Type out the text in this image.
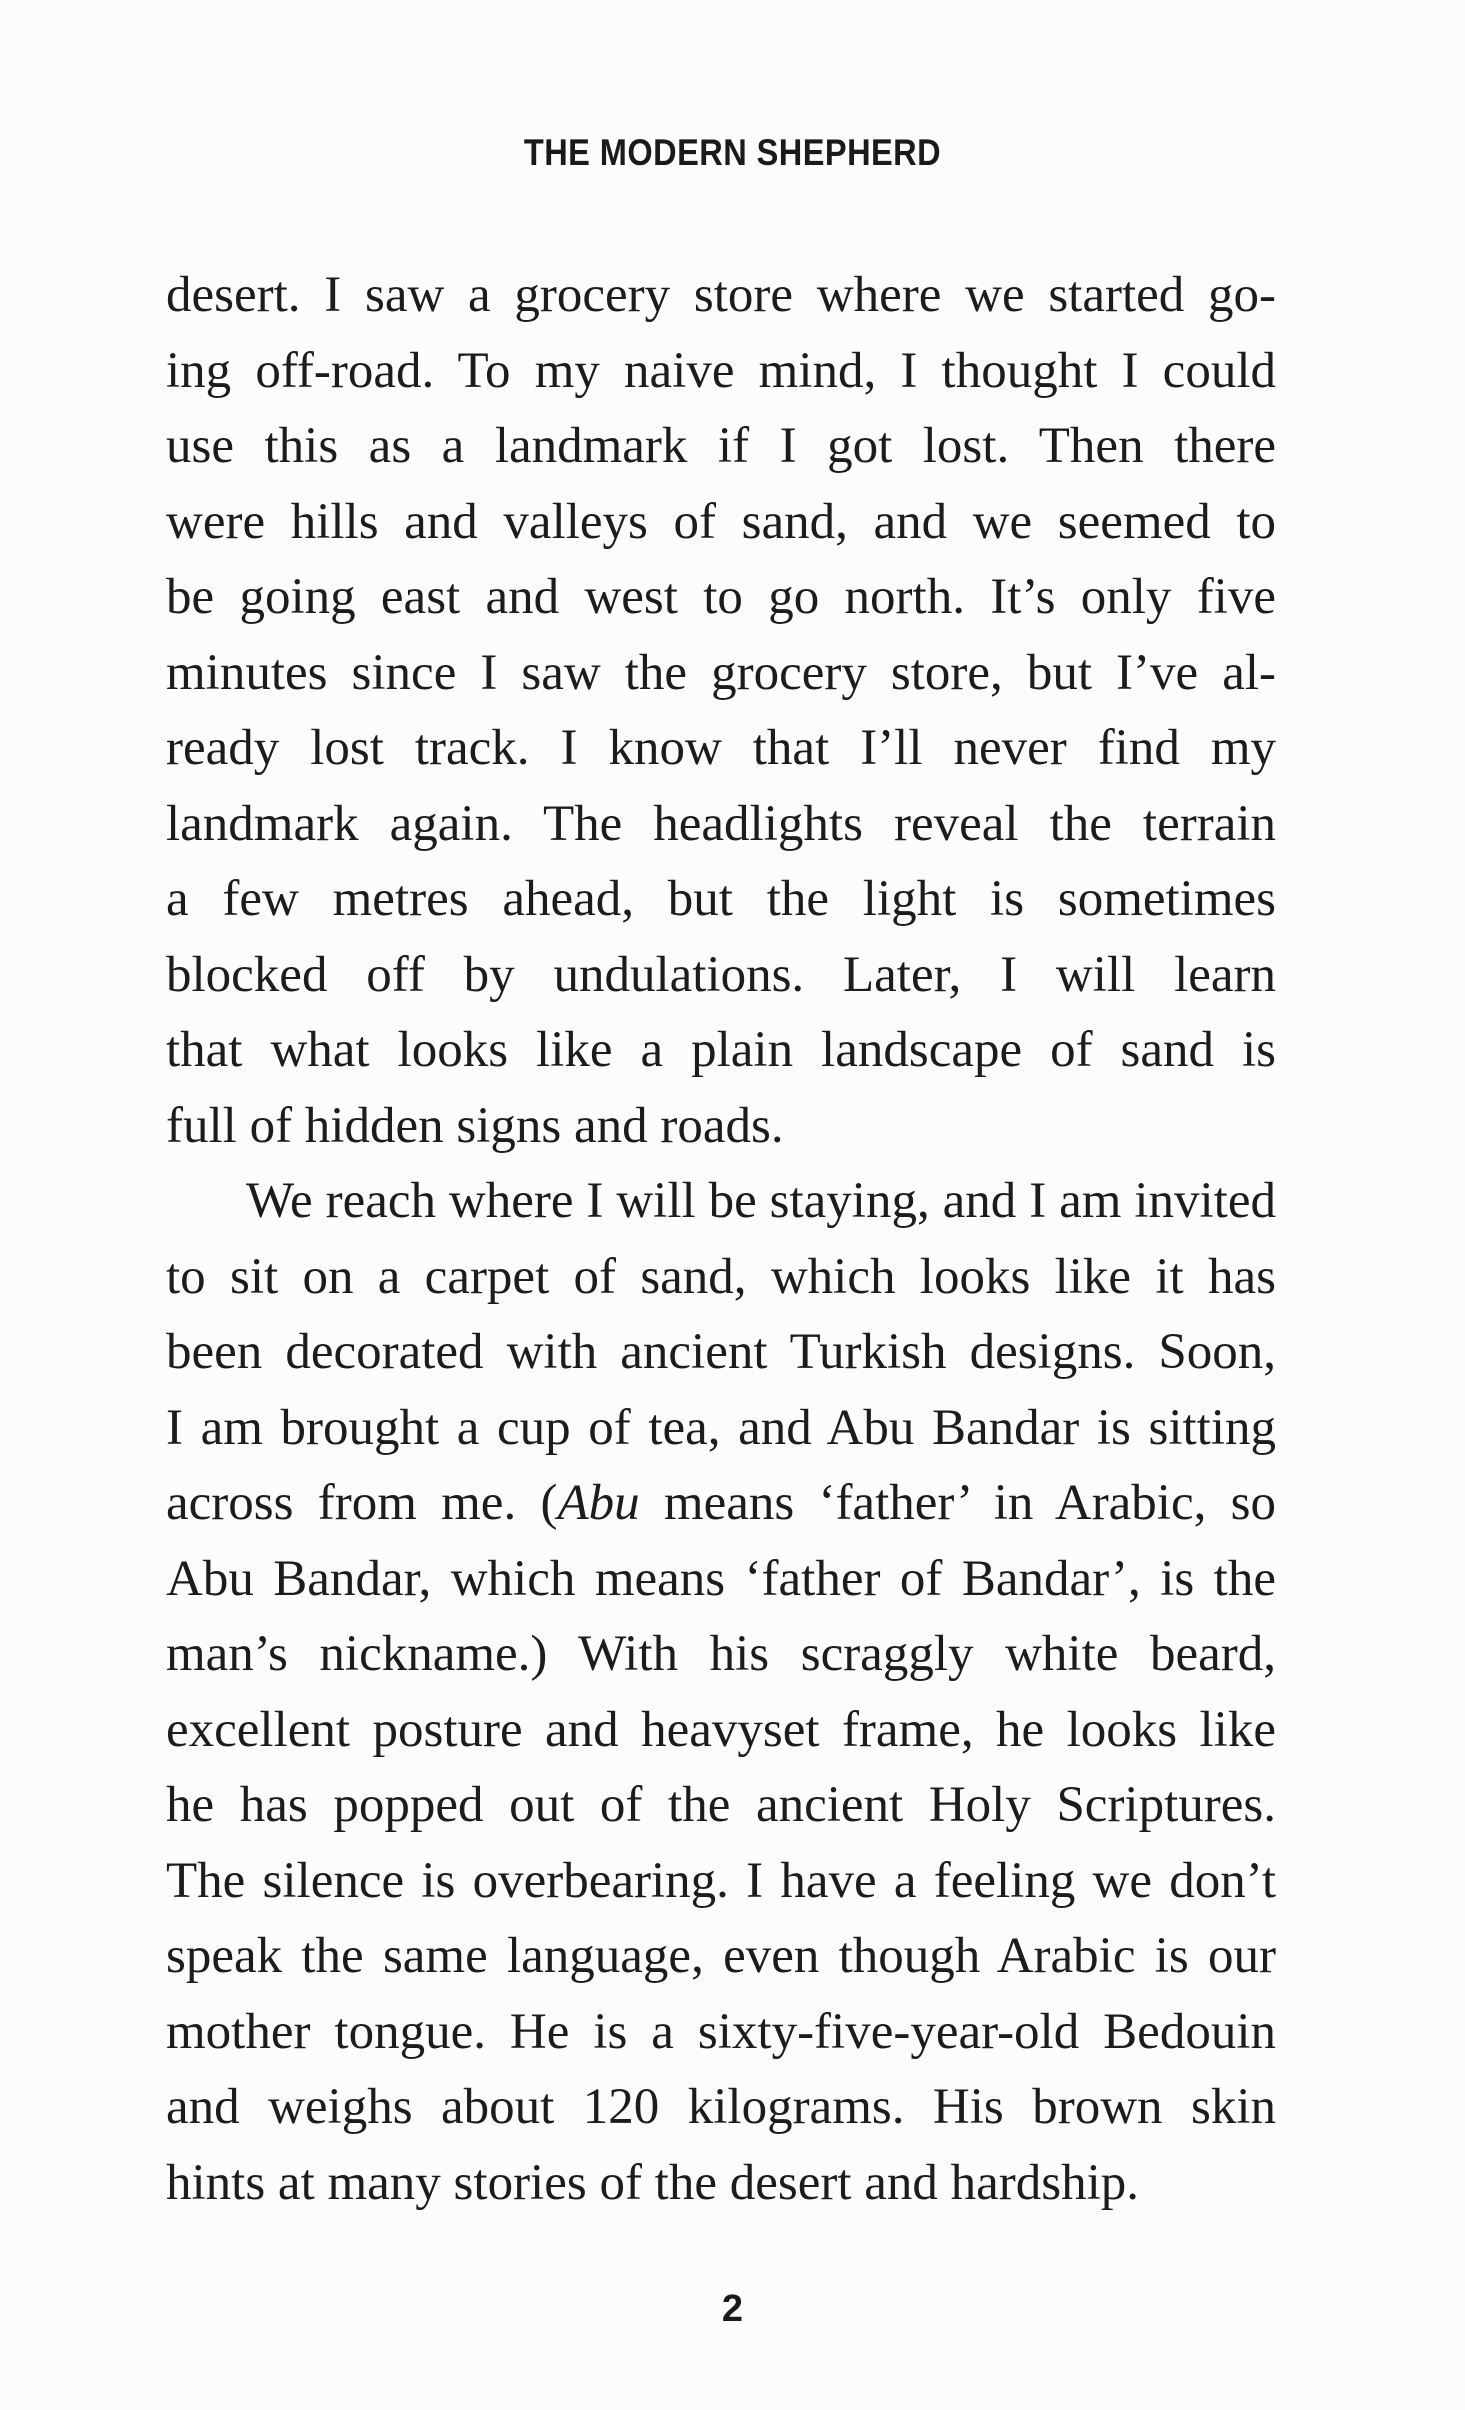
THE MODERN SHEPHERD
desert. I saw a grocery store where we started go-
ing off-road. To my naive mind, I thought I could
use this as a landmark if I got lost. Then there
were hills and valleys of sand, and we seemed to
be going east and west to go north. It’s only five
minutes since I saw the grocery store, but I’ve al-
ready lost track. I know that I’ll never find my
landmark again. The headlights reveal the terrain
a few metres ahead, but the light is sometimes
blocked off by undulations. Later, I will learn
that what looks like a plain landscape of sand is
full of hidden signs and roads.
We reach where I will be staying, and I am invited
to sit on a carpet of sand, which looks like it has
been decorated with ancient Turkish designs. Soon,
I am brought a cup of tea, and Abu Bandar is sitting
across from me. (Abu means ‘father’ in Arabic, so
Abu Bandar, which means ‘father of Bandar’, is the
man’s nickname.) With his scraggly white beard,
excellent posture and heavyset frame, he looks like
he has popped out of the ancient Holy Scriptures.
The silence is overbearing. I have a feeling we don’t
speak the same language, even though Arabic is our
mother tongue. He is a sixty-five-year-old Bedouin
and weighs about 120 kilograms. His brown skin
hints at many stories of the desert and hardship.
2
